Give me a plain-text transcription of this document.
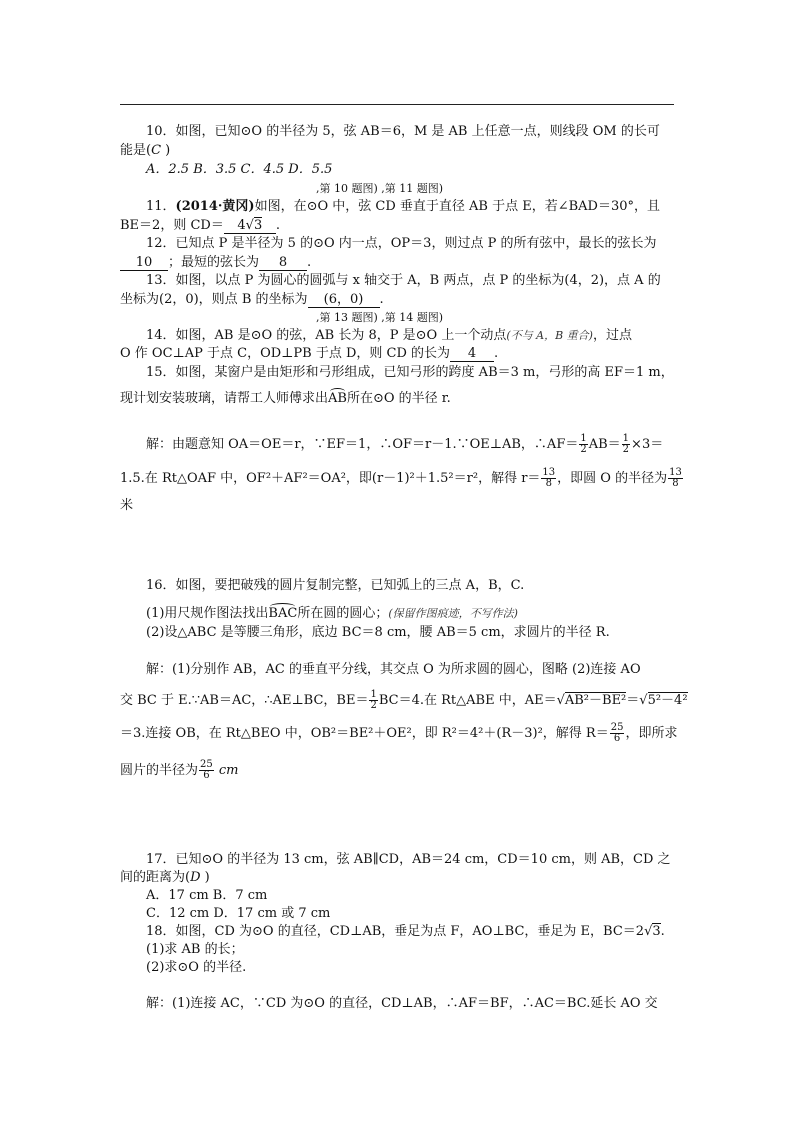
10．如图，已知⊙O 的半径为 5，弦 AB＝6，M 是 AB 上任意一点，则线段 OM 的长可
能是(C )
A．2.5 B．3.5 C．4.5 D．5.5
,第 10 题图) ,第 11 题图)
11．(2014·黄冈)如图，在⊙O 中，弦 CD 垂直于直径 AB 于点 E，若∠BAD＝30°，且
BE＝2，则 CD＝ 4√3 .
12．已知点 P 是半径为 5 的⊙O 内一点，OP＝3，则过点 P 的所有弦中，最长的弦长为
10 ；最短的弦长为 8 .
13．如图，以点 P 为圆心的圆弧与 x 轴交于 A，B 两点，点 P 的坐标为(4，2)，点 A 的
坐标为(2，0)，则点 B 的坐标为 (6，0) .
,第 13 题图) ,第 14 题图)
14．如图，AB 是⊙O 的弦，AB 长为 8，P 是⊙O 上一个动点(不与 A，B 重合)，过点
O 作 OC⊥AP 于点 C，OD⊥PB 于点 D，则 CD 的长为 4 .
15．如图，某窗户是由矩形和弓形组成，已知弓形的跨度 AB＝3 m，弓形的高 EF＝1 m，
现计划安装玻璃，请帮工人师傅求出AB所在⊙O 的半径 r.
解：由题意知 OA＝OE＝r，∵EF＝1，∴OF＝r－1.∵OE⊥AB，∴AF＝ $\frac{1}{2} AB= \frac{1}{2} \times 3=$
1.5.在 Rt△OAF 中，OF²＋AF²＝OA²，即(r－1)²＋1.5²＝r²，解得 $r= \frac{13}{8}$ ，即圆 O 的半径为 $\frac{13}{8}$
米
16．如图，要把破残的圆片复制完整，已知弧上的三点 A，B，C.
(1)用尺规作图法找出BAC所在圆的圆心；(保留作图痕迹，不写作法)
(2)设△ABC 是等腰三角形，底边 BC＝8 cm，腰 AB＝5 cm，求圆片的半径 R.
解：(1)分别作 AB，AC 的垂直平分线，其交点 O 为所求圆的圆心，图略 (2)连接 AO
交 BC 于 E.∵AB＝AC，∴AE⊥BC，$BE= \frac{1}{2} BC=4$.在 Rt△ABE 中，AE＝√AB²－BE²＝√5²－4²
＝3.连接 OB，在 Rt△BEO 中，OB²＝BE²＋OE²，即 R²＝4²＋(R－3)²，解得 $R= \frac{25}{6}$ ，即所求
圆片的半径为 $\frac{25}{6}$ cm
17．已知⊙O 的半径为 13 cm，弦 AB∥CD，AB＝24 cm，CD＝10 cm，则 AB，CD 之
间的距离为(D )
A．17 cm B．7 cm
C．12 cm D．17 cm 或 7 cm
18．如图，CD 为⊙O 的直径，CD⊥AB，垂足为点 F，AO⊥BC，垂足为 E，BC＝2√3.
(1)求 AB 的长；
(2)求⊙O 的半径.
解：(1)连接 AC，∵CD 为⊙O 的直径，CD⊥AB，∴AF＝BF，∴AC＝BC.延长 AO 交
